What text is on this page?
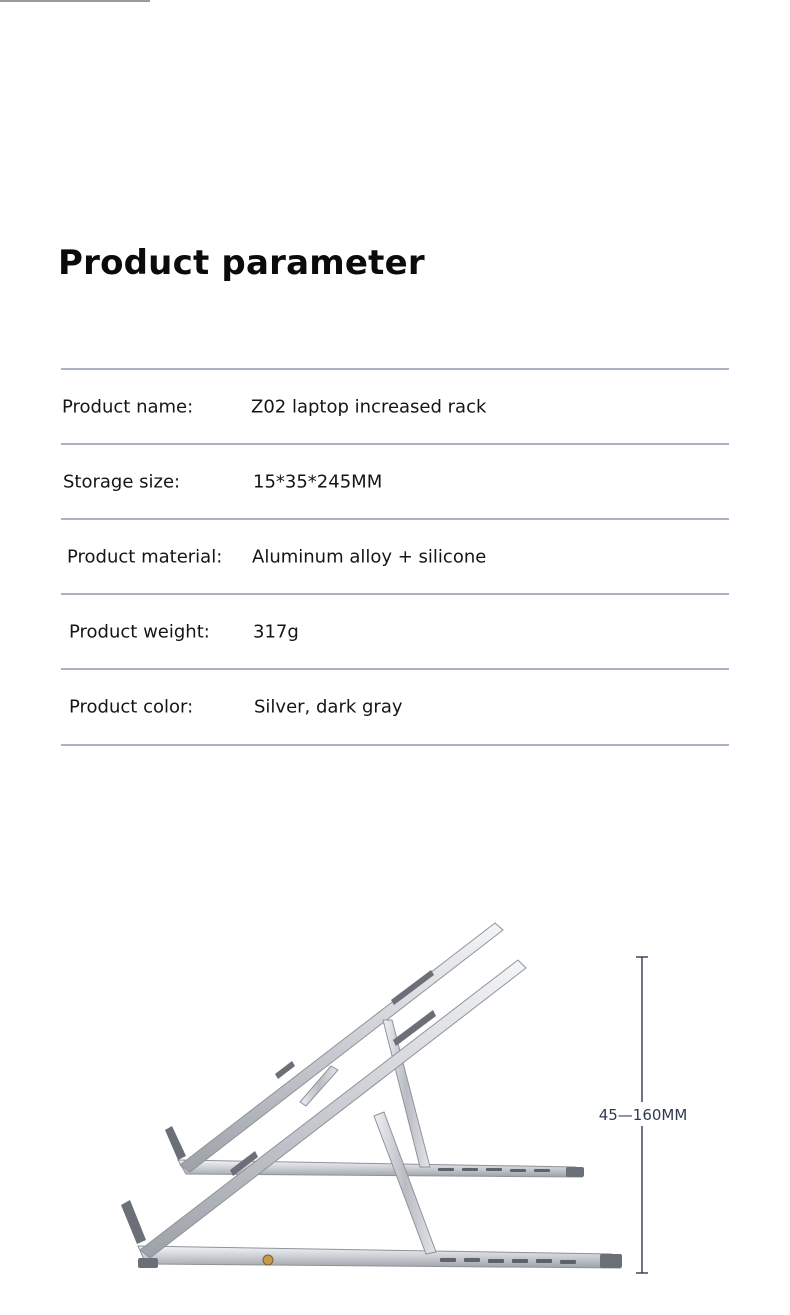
Product parameter
Product name:	Z02 laptop increased rack
Storage size:	15*35*245MM
Product material: Aluminum alloy + silicone
Product weight: 317g
Product color:	Silver, dark gray
45—160MM
